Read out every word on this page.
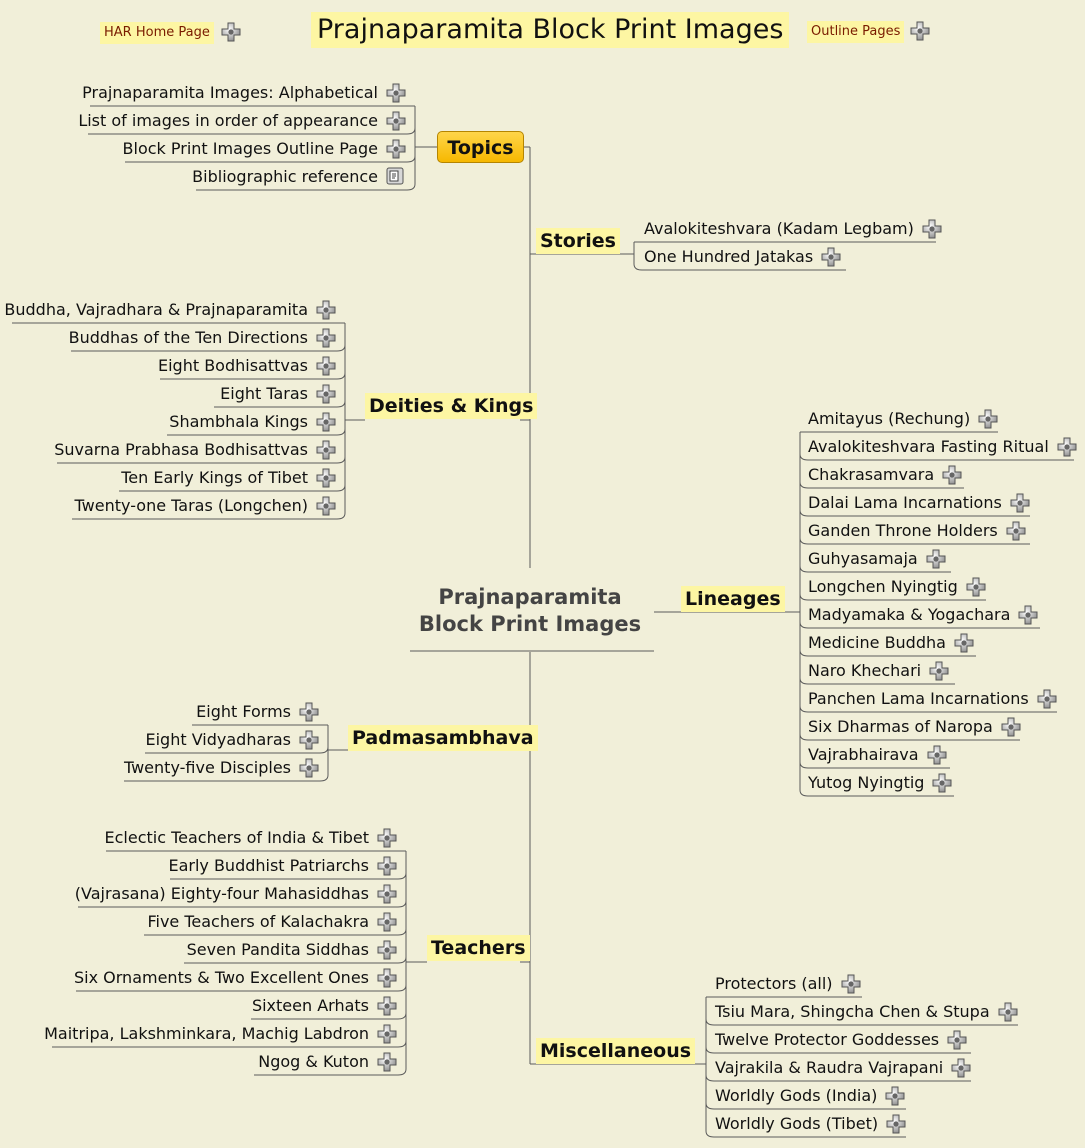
HAR Home Page	Prajnaparamita Block Print Images	Outline Pages
Prajnaparamita
Block Print Images
Topics
Stories
Deities & Kings
Lineages
Padmasambhava
Teachers
Miscellaneous
Prajnaparamita Images: Alphabetical
List of images in order of appearance
Block Print Images Outline Page
Bibliographic reference
Avalokiteshvara (Kadam Legbam)
One Hundred Jatakas
Buddha, Vajradhara & Prajnaparamita
Buddhas of the Ten Directions
Eight Bodhisattvas
Eight Taras
Shambhala Kings
Suvarna Prabhasa Bodhisattvas
Ten Early Kings of Tibet
Twenty-one Taras (Longchen)
Amitayus (Rechung)
Avalokiteshvara Fasting Ritual
Chakrasamvara
Dalai Lama Incarnations
Ganden Throne Holders
Guhyasamaja
Longchen Nyingtig
Madyamaka & Yogachara
Medicine Buddha
Naro Khechari
Panchen Lama Incarnations
Six Dharmas of Naropa
Vajrabhairava
Yutog Nyingtig
Eight Forms
Eight Vidyadharas
Twenty-five Disciples
Eclectic Teachers of India & Tibet
Early Buddhist Patriarchs
(Vajrasana) Eighty-four Mahasiddhas
Five Teachers of Kalachakra
Seven Pandita Siddhas
Six Ornaments & Two Excellent Ones
Sixteen Arhats
Maitripa, Lakshminkara, Machig Labdron
Ngog & Kuton
Protectors (all)
Tsiu Mara, Shingcha Chen & Stupa
Twelve Protector Goddesses
Vajrakila & Raudra Vajrapani
Worldly Gods (India)
Worldly Gods (Tibet)
